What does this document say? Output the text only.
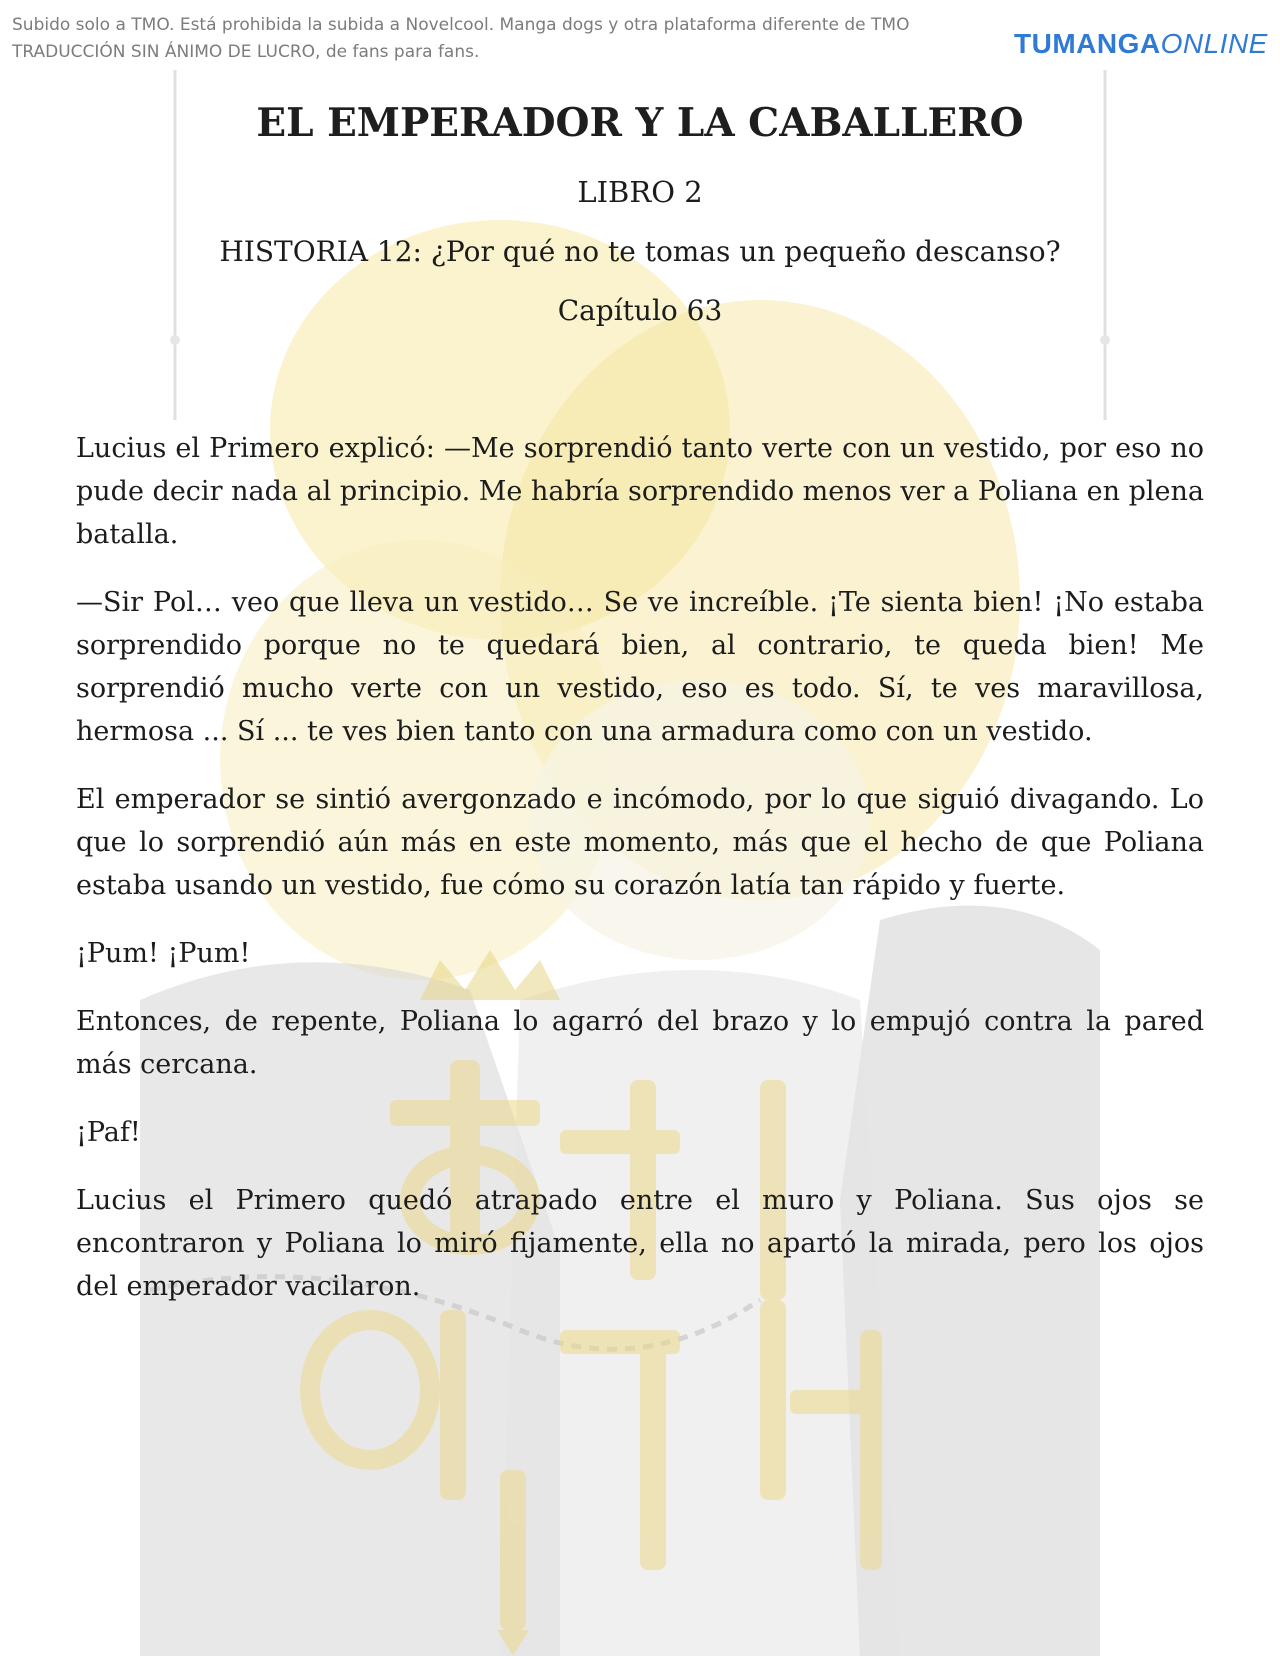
Subido solo a TMO. Está prohibida la subida a Novelcool. Manga dogs y otra plataforma diferente de TMO
TRADUCCIÓN SIN ÁNIMO DE LUCRO, de fans para fans.	TUMANGAONLINE
EL EMPERADOR Y LA CABALLERO
LIBRO 2
HISTORIA 12: ¿Por qué no te tomas un pequeño descanso?
Capítulo 63

Lucius el Primero explicó: —Me sorprendió tanto verte con un vestido, por eso no pude decir nada al principio. Me habría sorprendido menos ver a Poliana en plena batalla.

—Sir Pol… veo que lleva un vestido… Se ve increíble. ¡Te sienta bien! ¡No estaba sorprendido porque no te quedará bien, al contrario, te queda bien! Me sorprendió mucho verte con un vestido, eso es todo. Sí, te ves maravillosa, hermosa ... Sí ... te ves bien tanto con una armadura como con un vestido.

El emperador se sintió avergonzado e incómodo, por lo que siguió divagando. Lo que lo sorprendió aún más en este momento, más que el hecho de que Poliana estaba usando un vestido, fue cómo su corazón latía tan rápido y fuerte.

¡Pum! ¡Pum!

Entonces, de repente, Poliana lo agarró del brazo y lo empujó contra la pared más cercana.

¡Paf!

Lucius el Primero quedó atrapado entre el muro y Poliana. Sus ojos se encontraron y Poliana lo miró fijamente, ella no apartó la mirada, pero los ojos del emperador vacilaron.
